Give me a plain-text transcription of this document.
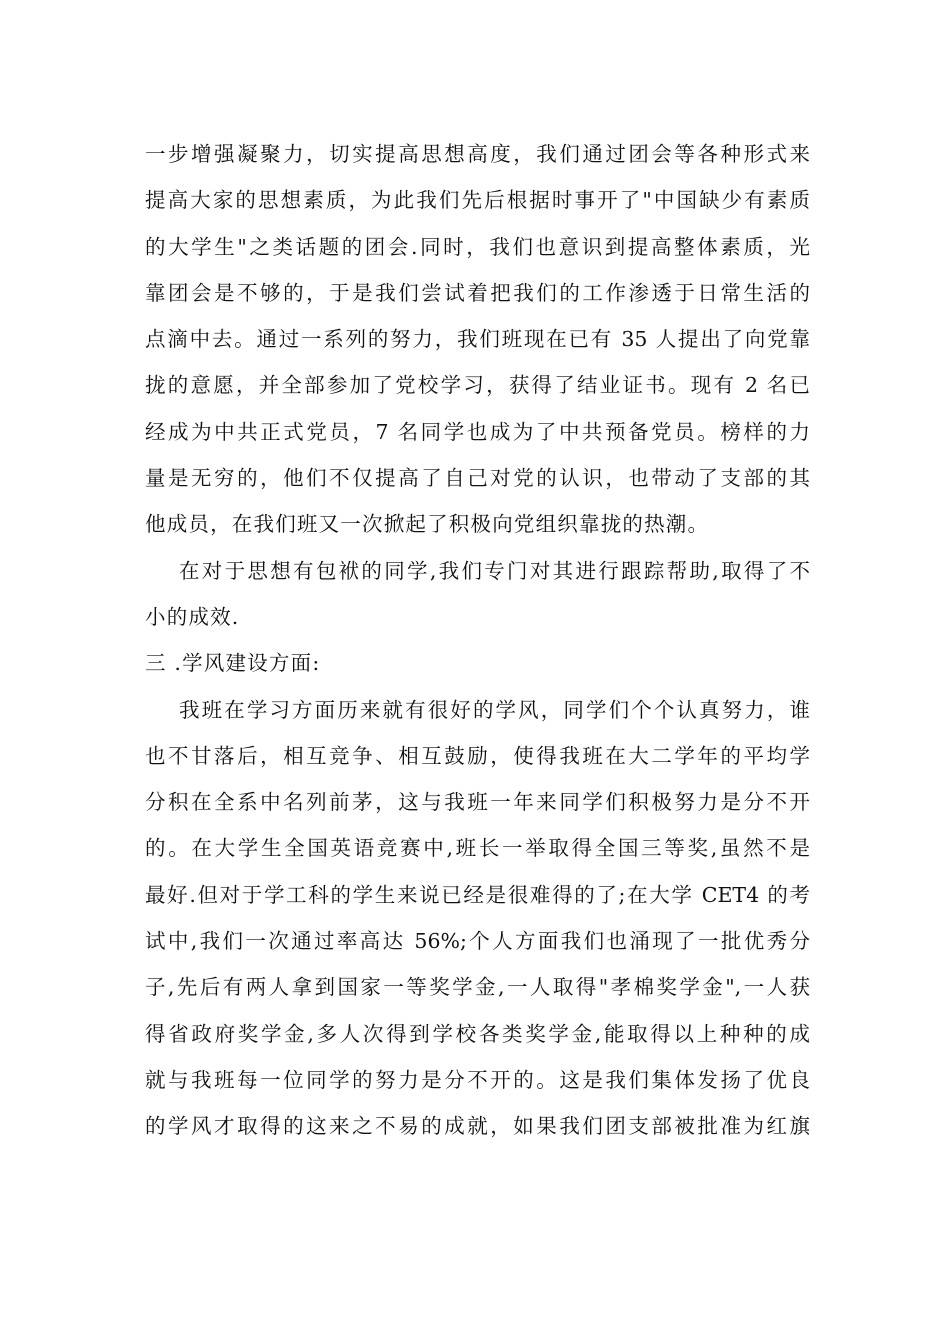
一步增强凝聚力，切实提高思想高度，我们通过团会等各种形式来
提高大家的思想素质，为此我们先后根据时事开了"中国缺少有素质
的大学生"之类话题的团会.同时，我们也意识到提高整体素质，光
靠团会是不够的，于是我们尝试着把我们的工作渗透于日常生活的
点滴中去。通过一系列的努力，我们班现在已有 35 人提出了向党靠
拢的意愿，并全部参加了党校学习，获得了结业证书。现有 2 名已
经成为中共正式党员，7 名同学也成为了中共预备党员。榜样的力
量是无穷的，他们不仅提高了自己对党的认识，也带动了支部的其
他成员，在我们班又一次掀起了积极向党组织靠拢的热潮。
在对于思想有包袱的同学,我们专门对其进行跟踪帮助,取得了不
小的成效.
三 .学风建设方面:
我班在学习方面历来就有很好的学风，同学们个个认真努力，谁
也不甘落后，相互竞争、相互鼓励，使得我班在大二学年的平均学
分积在全系中名列前茅，这与我班一年来同学们积极努力是分不开
的。在大学生全国英语竞赛中,班长一举取得全国三等奖,虽然不是
最好.但对于学工科的学生来说已经是很难得的了;在大学 CET4 的考
试中,我们一次通过率高达 56%;个人方面我们也涌现了一批优秀分
子,先后有两人拿到国家一等奖学金,一人取得"孝棉奖学金",一人获
得省政府奖学金,多人次得到学校各类奖学金,能取得以上种种的成
就与我班每一位同学的努力是分不开的。这是我们集体发扬了优良
的学风才取得的这来之不易的成就，如果我们团支部被批准为红旗
